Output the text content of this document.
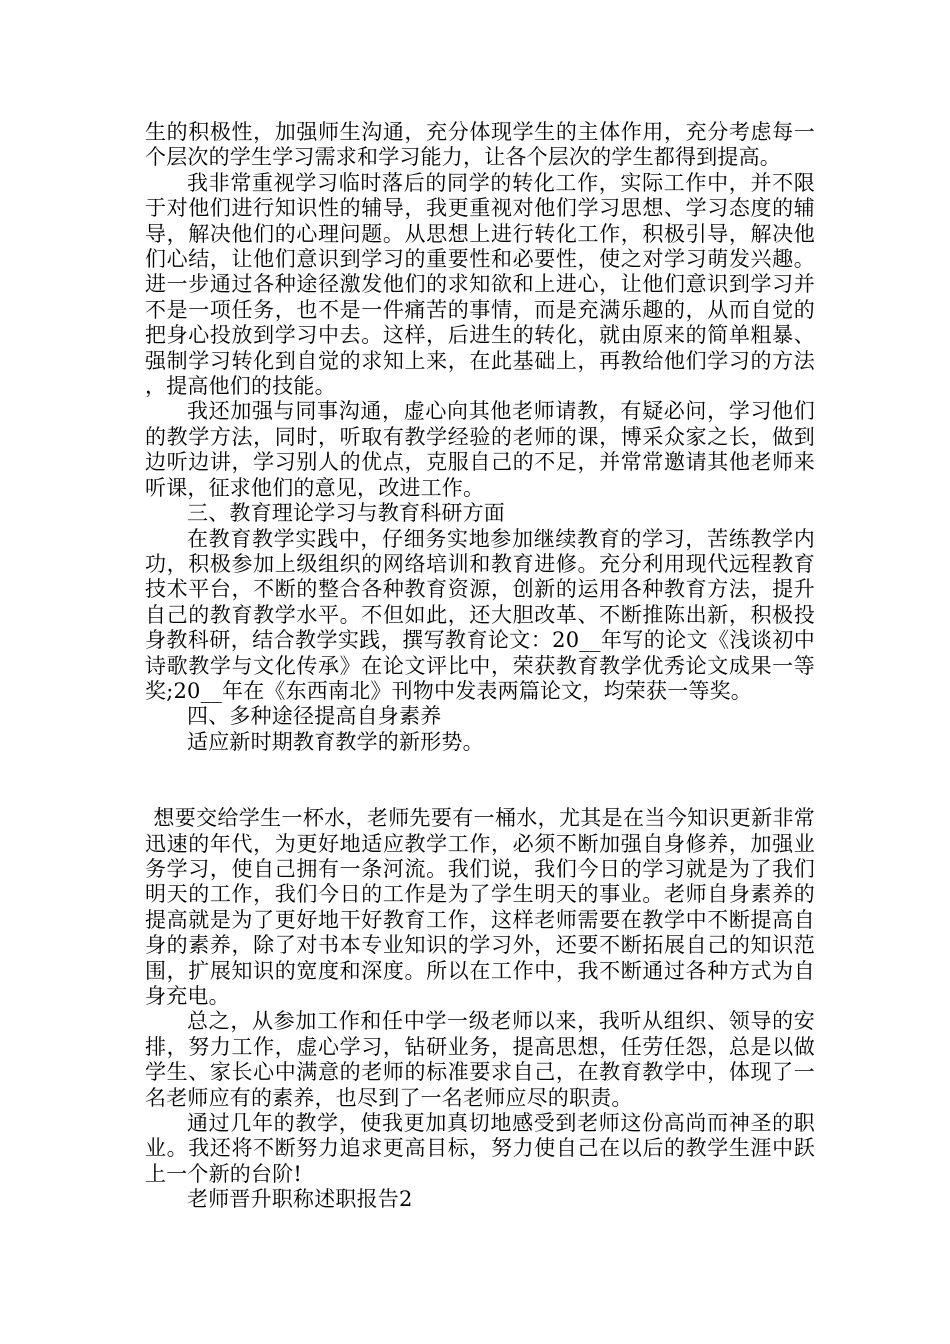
生的积极性，加强师生沟通，充分体现学生的主体作用，充分考虑每一个层次的学生学习需求和学习能力，让各个层次的学生都得到提高。

我非常重视学习临时落后的同学的转化工作，实际工作中，并不限于对他们进行知识性的辅导，我更重视对他们学习思想、学习态度的辅导，解决他们的心理问题。从思想上进行转化工作，积极引导，解决他们心结，让他们意识到学习的重要性和必要性，使之对学习萌发兴趣。进一步通过各种途径激发他们的求知欲和上进心，让他们意识到学习并不是一项任务，也不是一件痛苦的事情，而是充满乐趣的，从而自觉的把身心投放到学习中去。这样，后进生的转化，就由原来的简单粗暴、强制学习转化到自觉的求知上来，在此基础上，再教给他们学习的方法，提高他们的技能。

我还加强与同事沟通，虚心向其他老师请教，有疑必问，学习他们的教学方法，同时，听取有教学经验的老师的课，博采众家之长，做到边听边讲，学习别人的优点，克服自己的不足，并常常邀请其他老师来听课，征求他们的意见，改进工作。

三、教育理论学习与教育科研方面

在教育教学实践中，仔细务实地参加继续教育的学习，苦练教学内功，积极参加上级组织的网络培训和教育进修。充分利用现代远程教育技术平台，不断的整合各种教育资源，创新的运用各种教育方法，提升自己的教育教学水平。不但如此，还大胆改革、不断推陈出新，积极投身教科研，结合教学实践，撰写教育论文：20__年写的论文《浅谈初中诗歌教学与文化传承》在论文评比中，荣获教育教学优秀论文成果一等奖;20__年在《东西南北》刊物中发表两篇论文，均荣获一等奖。

四、多种途径提高自身素养

适应新时期教育教学的新形势。

想要交给学生一杯水，老师先要有一桶水，尤其是在当今知识更新非常迅速的年代，为更好地适应教学工作，必须不断加强自身修养，加强业务学习，使自己拥有一条河流。我们说，我们今日的学习就是为了我们明天的工作，我们今日的工作是为了学生明天的事业。老师自身素养的提高就是为了更好地干好教育工作，这样老师需要在教学中不断提高自身的素养，除了对书本专业知识的学习外，还要不断拓展自己的知识范围，扩展知识的宽度和深度。所以在工作中，我不断通过各种方式为自身充电。

总之，从参加工作和任中学一级老师以来，我听从组织、领导的安排，努力工作，虚心学习，钻研业务，提高思想，任劳任怨，总是以做学生、家长心中满意的老师的标准要求自己，在教育教学中，体现了一名老师应有的素养，也尽到了一名老师应尽的职责。

通过几年的教学，使我更加真切地感受到老师这份高尚而神圣的职业。我还将不断努力追求更高目标，努力使自己在以后的教学生涯中跃上一个新的台阶!

老师晋升职称述职报告2
